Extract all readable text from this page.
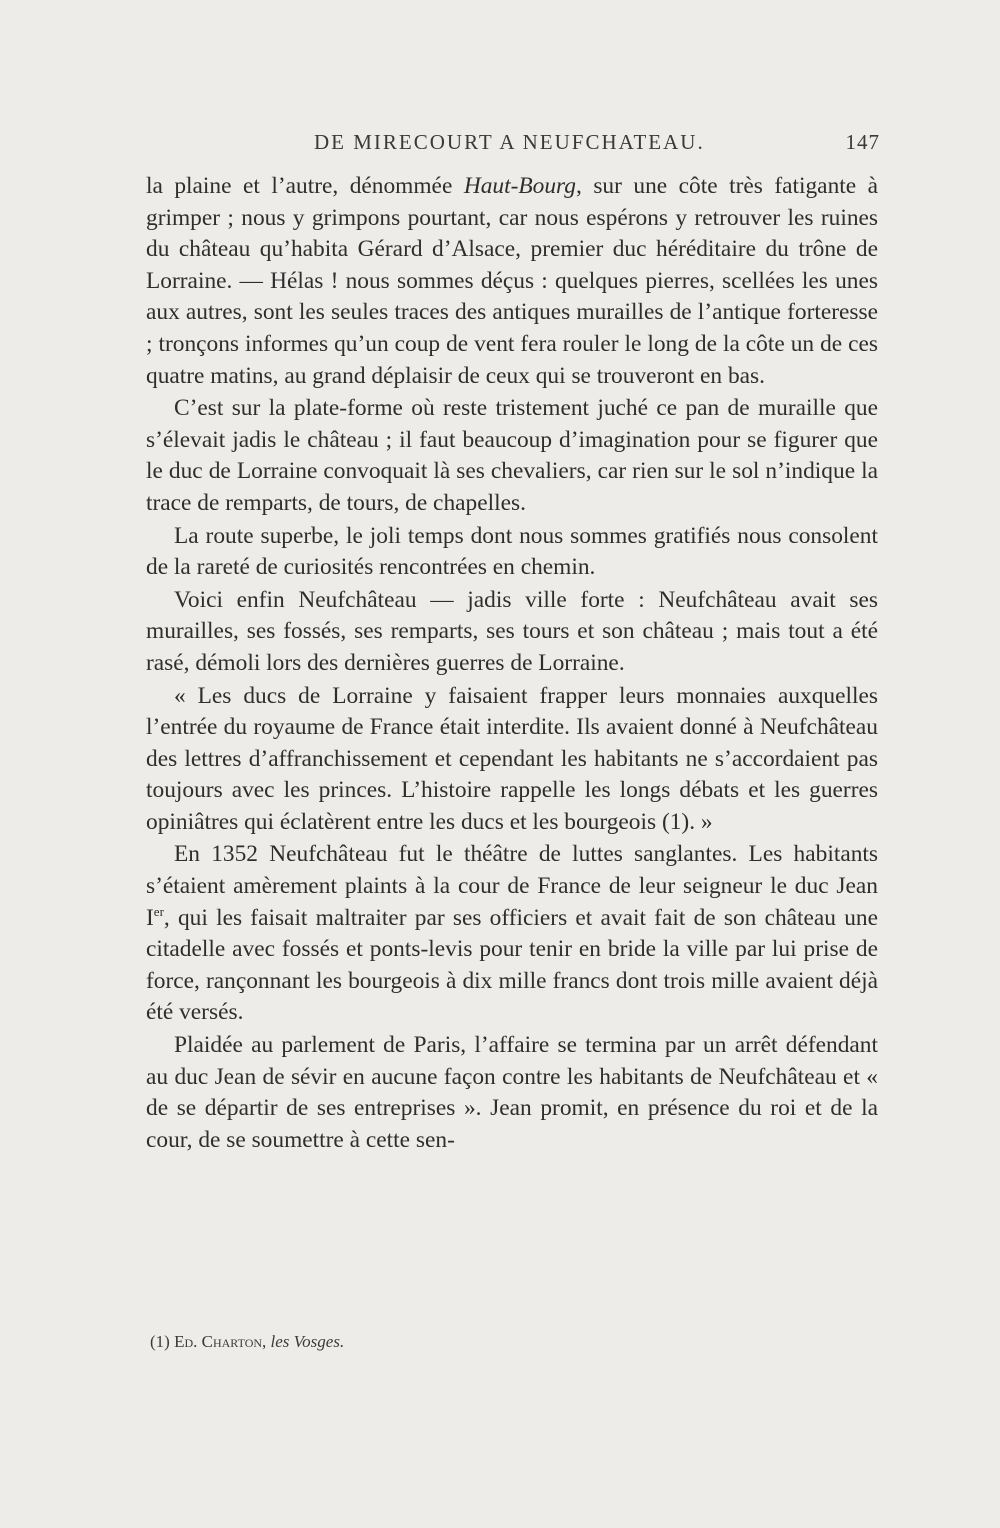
DE MIRECOURT A NEUFCHATEAU.	147

la plaine et l’autre, dénommée Haut-Bourg, sur une côte très fatigante à grimper ; nous y grimpons pourtant, car nous espérons y retrouver les ruines du château qu’habita Gérard d’Alsace, premier duc héréditaire du trône de Lorraine. — Hélas ! nous sommes déçus : quelques pierres, scellées les unes aux autres, sont les seules traces des antiques murailles de l’antique forteresse ; tronçons informes qu’un coup de vent fera rouler le long de la côte un de ces quatre matins, au grand déplaisir de ceux qui se trouveront en bas.

C’est sur la plate-forme où reste tristement juché ce pan de muraille que s’élevait jadis le château ; il faut beaucoup d’imagination pour se figurer que le duc de Lorraine convoquait là ses chevaliers, car rien sur le sol n’indique la trace de remparts, de tours, de chapelles.

La route superbe, le joli temps dont nous sommes gratifiés nous consolent de la rareté de curiosités rencontrées en chemin.

Voici enfin Neufchâteau — jadis ville forte : Neufchâteau avait ses murailles, ses fossés, ses remparts, ses tours et son château ; mais tout a été rasé, démoli lors des dernières guerres de Lorraine.

« Les ducs de Lorraine y faisaient frapper leurs monnaies auxquelles l’entrée du royaume de France était interdite. Ils avaient donné à Neufchâteau des lettres d’affranchissement et cependant les habitants ne s’accordaient pas toujours avec les princes. L’histoire rappelle les longs débats et les guerres opiniâtres qui éclatèrent entre les ducs et les bourgeois (1). »

En 1352 Neufchâteau fut le théâtre de luttes sanglantes. Les habitants s’étaient amèrement plaints à la cour de France de leur seigneur le duc Jean Ier, qui les faisait maltraiter par ses officiers et avait fait de son château une citadelle avec fossés et ponts-levis pour tenir en bride la ville par lui prise de force, rançonnant les bourgeois à dix mille francs dont trois mille avaient déjà été versés.

Plaidée au parlement de Paris, l’affaire se termina par un arrêt défendant au duc Jean de sévir en aucune façon contre les habitants de Neufchâteau et « de se départir de ses entreprises ». Jean promit, en présence du roi et de la cour, de se soumettre à cette sen-

(1) Ed. Charton, les Vosges.
